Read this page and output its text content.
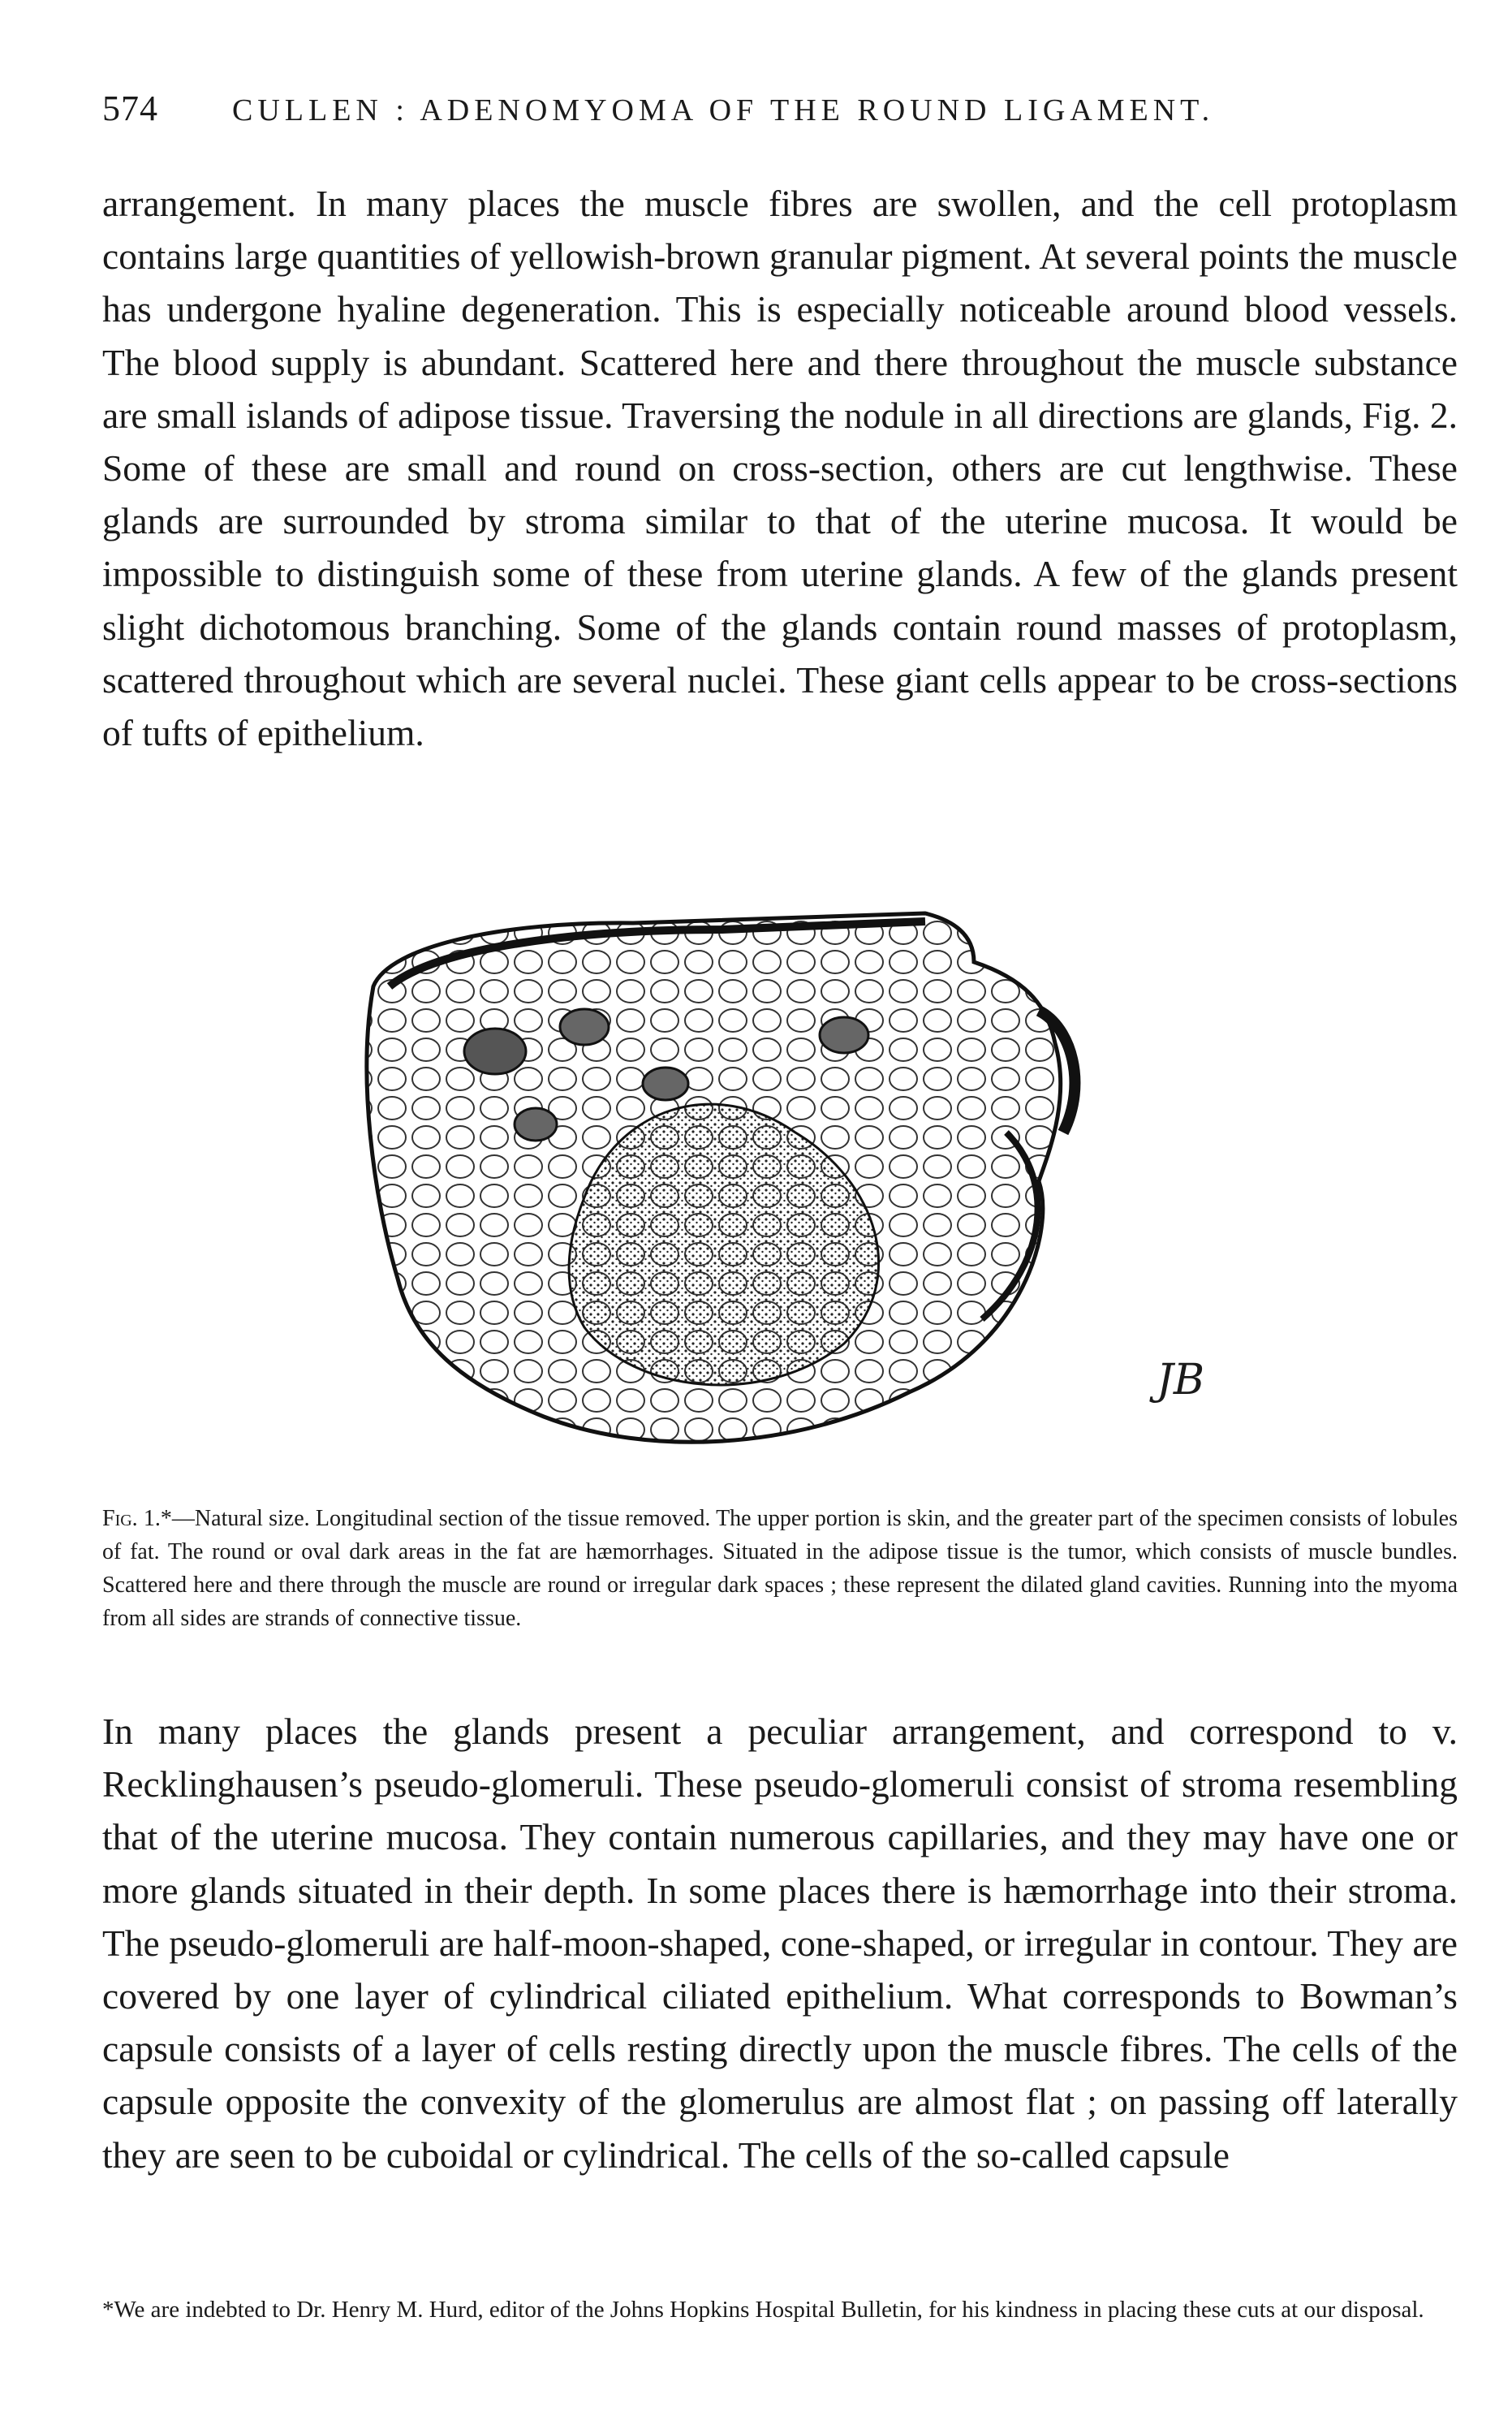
574 CULLEN : ADENOMYOMA OF THE ROUND LIGAMENT.

arrangement. In many places the muscle fibres are swollen, and the cell protoplasm contains large quantities of yellowish-brown granular pigment. At several points the muscle has undergone hyaline degeneration. This is especially noticeable around blood vessels. The blood supply is abundant. Scattered here and there throughout the muscle substance are small islands of adipose tissue. Traversing the nodule in all directions are glands, Fig. 2. Some of these are small and round on cross-section, others are cut lengthwise. These glands are surrounded by stroma similar to that of the uterine mucosa. It would be impossible to distinguish some of these from uterine glands. A few of the glands present slight dichotomous branching. Some of the glands contain round masses of protoplasm, scattered throughout which are several nuclei. These giant cells appear to be cross-sections of tufts of epithelium.

JB

Fig. 1.*—Natural size. Longitudinal section of the tissue removed. The upper portion is skin, and the greater part of the specimen consists of lobules of fat. The round or oval dark areas in the fat are hæmorrhages. Situated in the adipose tissue is the tumor, which consists of muscle bundles. Scattered here and there through the muscle are round or irregular dark spaces ; these represent the dilated gland cavities. Running into the myoma from all sides are strands of connective tissue.

In many places the glands present a peculiar arrangement, and correspond to v. Recklinghausen’s pseudo-glomeruli. These pseudo-glomeruli consist of stroma resembling that of the uterine mucosa. They contain numerous capillaries, and they may have one or more glands situated in their depth. In some places there is hæmorrhage into their stroma. The pseudo-glomeruli are half-moon-shaped, cone-shaped, or irregular in contour. They are covered by one layer of cylindrical ciliated epithelium. What corresponds to Bowman’s capsule consists of a layer of cells resting directly upon the muscle fibres. The cells of the capsule opposite the convexity of the glomerulus are almost flat ; on passing off laterally they are seen to be cuboidal or cylindrical. The cells of the so-called capsule

*We are indebted to Dr. Henry M. Hurd, editor of the Johns Hopkins Hospital Bulletin, for his kindness in placing these cuts at our disposal.
